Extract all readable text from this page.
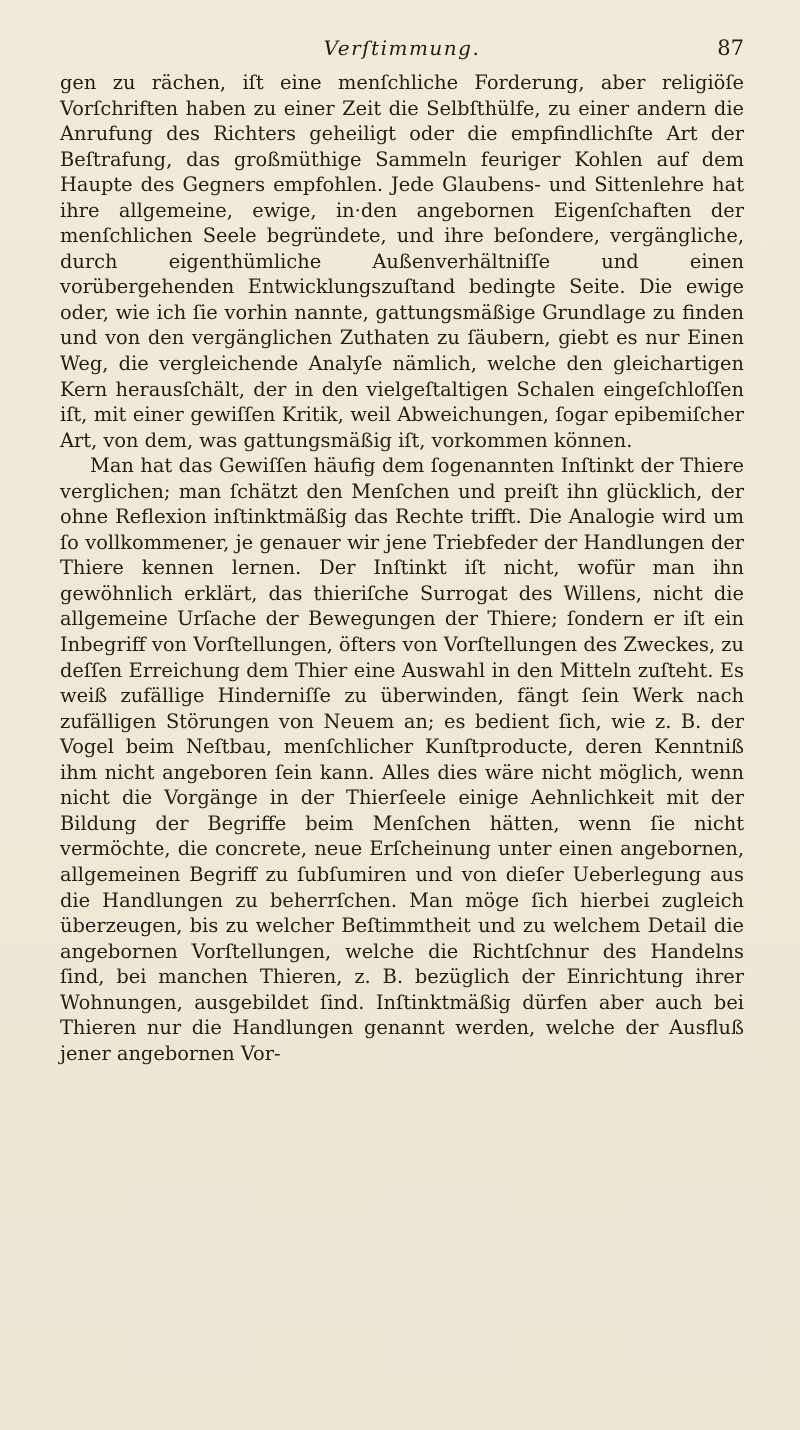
Verſtimmung.	87

gen zu rächen, iſt eine menſchliche Forderung, aber religiöſe Vorſchriften haben zu einer Zeit die Selbſthülfe, zu einer andern die Anrufung des Richters geheiligt oder die empfindlichſte Art der Beſtrafung, das großmüthige Sammeln feuriger Kohlen auf dem Haupte des Gegners empfohlen. Jede Glaubens- und Sittenlehre hat ihre allgemeine, ewige, in·den angebornen Eigenſchaften der menſchlichen Seele begründete, und ihre beſondere, vergängliche, durch eigenthümliche Außenverhältniſſe und einen vorübergehenden Entwicklungszuſtand bedingte Seite. Die ewige oder, wie ich ſie vorhin nannte, gattungsmäßige Grundlage zu finden und von den vergänglichen Zuthaten zu ſäubern, giebt es nur Einen Weg, die vergleichende Analyſe nämlich, welche den gleichartigen Kern herausſchält, der in den vielgeſtaltigen Schalen eingeſchloſſen iſt, mit einer gewiſſen Kritik, weil Abweichungen, ſogar epibemiſcher Art, von dem, was gattungsmäßig iſt, vorkommen können.

Man hat das Gewiſſen häufig dem ſogenannten Inſtinkt der Thiere verglichen; man ſchätzt den Menſchen und preiſt ihn glücklich, der ohne Reflexion inſtinktmäßig das Rechte trifft. Die Analogie wird um ſo vollkommener, je genauer wir jene Triebfeder der Handlungen der Thiere kennen lernen. Der Inſtinkt iſt nicht, wofür man ihn gewöhnlich erklärt, das thieriſche Surrogat des Willens, nicht die allgemeine Urſache der Bewegungen der Thiere; ſondern er iſt ein Inbegriff von Vorſtellungen, öfters von Vorſtellungen des Zweckes, zu deſſen Erreichung dem Thier eine Auswahl in den Mitteln zuſteht. Es weiß zufällige Hinderniſſe zu überwinden, fängt ſein Werk nach zufälligen Störungen von Neuem an; es bedient ſich, wie z. B. der Vogel beim Neſtbau, menſchlicher Kunſtproducte, deren Kenntniß ihm nicht angeboren ſein kann. Alles dies wäre nicht möglich, wenn nicht die Vorgänge in der Thierſeele einige Aehnlichkeit mit der Bildung der Begriffe beim Menſchen hätten, wenn ſie nicht vermöchte, die concrete, neue Erſcheinung unter einen angebornen, allgemeinen Begriff zu ſubſumiren und von dieſer Ueberlegung aus die Handlungen zu beherrſchen. Man möge ſich hierbei zugleich überzeugen, bis zu welcher Beſtimmtheit und zu welchem Detail die angebornen Vorſtellungen, welche die Richtſchnur des Handelns ſind, bei manchen Thieren, z. B. bezüglich der Einrichtung ihrer Wohnungen, ausgebildet ſind. Inſtinktmäßig dürfen aber auch bei Thieren nur die Handlungen genannt werden, welche der Ausfluß jener angebornen Vor-
